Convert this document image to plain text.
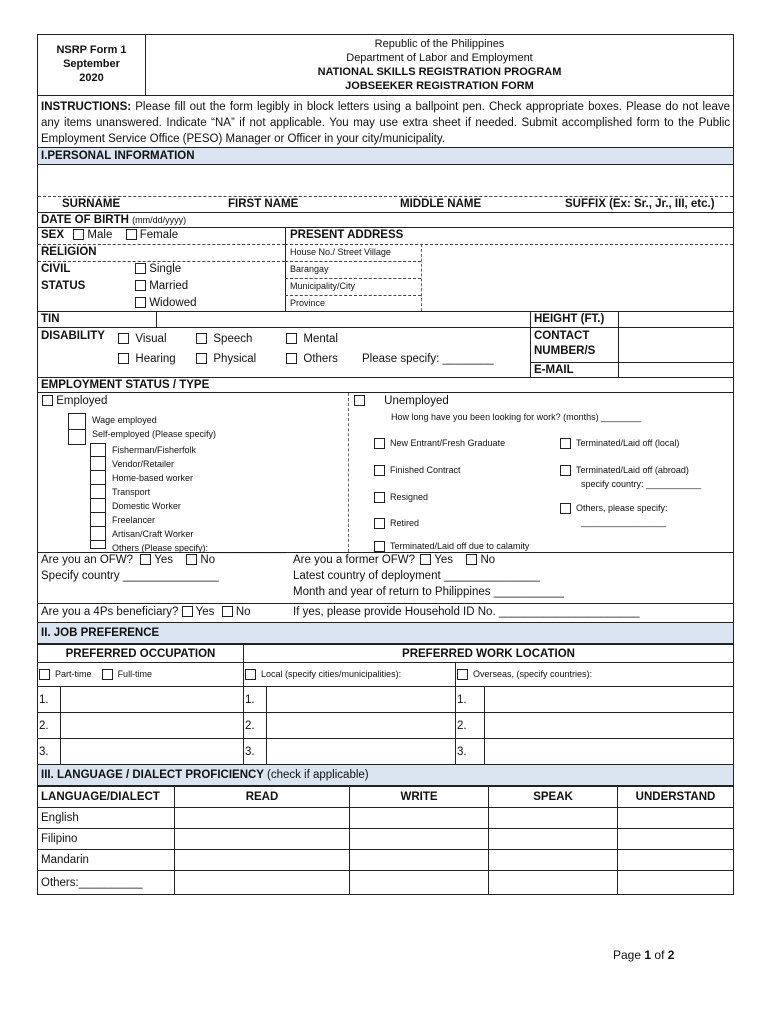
NSRP Form 1
September
2020
Republic of the Philippines
Department of Labor and Employment
NATIONAL SKILLS REGISTRATION PROGRAM
JOBSEEKER REGISTRATION FORM
INSTRUCTIONS: Please fill out the form legibly in block letters using a ballpoint pen. Check appropriate boxes. Please do not leave any items unanswered. Indicate “NA” if not applicable. You may use extra sheet if needed. Submit accomplished form to the Public Employment Service Office (PESO) Manager or Officer in your city/municipality.
I.PERSONAL INFORMATION
SURNAME	FIRST NAME	MIDDLE NAME	SUFFIX (Ex: Sr., Jr., III, etc.)
DATE OF BIRTH (mm/dd/yyyy)
SEX Male Female	PRESENT ADDRESS
RELIGION	House No./ Street Village
Barangay
Municipality/City
Province
CIVIL
STATUS
Single
Married
Widowed
TIN	HEIGHT (FT.)
DISABILITY	Visual	Speech	Mental
Hearing	Physical	Others Please specify: ________
CONTACT
NUMBER/S
E-MAIL
EMPLOYMENT STATUS / TYPE
Employed
Wage employed
Self-employed (Please specify)
Fisherman/Fisherfolk
Vendor/Retailer
Home-based worker
Transport
Domestic Worker
Freelancer
Artisan/Craft Worker
Others (Please specify): _______________
Unemployed
How long have you been looking for work? (months) ________
New Entrant/Fresh Graduate	Terminated/Laid off (local)
Finished Contract	Terminated/Laid off (abroad)
specify country: ___________
Resigned
Others, please specify:
_________________
Retired
Terminated/Laid off due to calamity
Are you an OFW? Yes No	Are you a former OFW? Yes No
Specify country _______________	Latest country of deployment _______________
Month and year of return to Philippines ___________
Are you a 4Ps beneficiary? Yes No	If yes, please provide Household ID No. ______________________
II. JOB PREFERENCE
PREFERRED OCCUPATION		PREFERRED WORK LOCATION			
Part-time Full-time		Local (specify cities/municipalities):		Overseas, (specify countries):	
1.		1.		1.	
2.		2.		2.	
3.		3.		3.	
III. LANGUAGE / DIALECT PROFICIENCY (check if applicable)
LANGUAGE/DIALECT	READ	WRITE	SPEAK	UNDERSTAND
English				
Filipino				
Mandarin				
Others:__________				
Page 1 of 2
